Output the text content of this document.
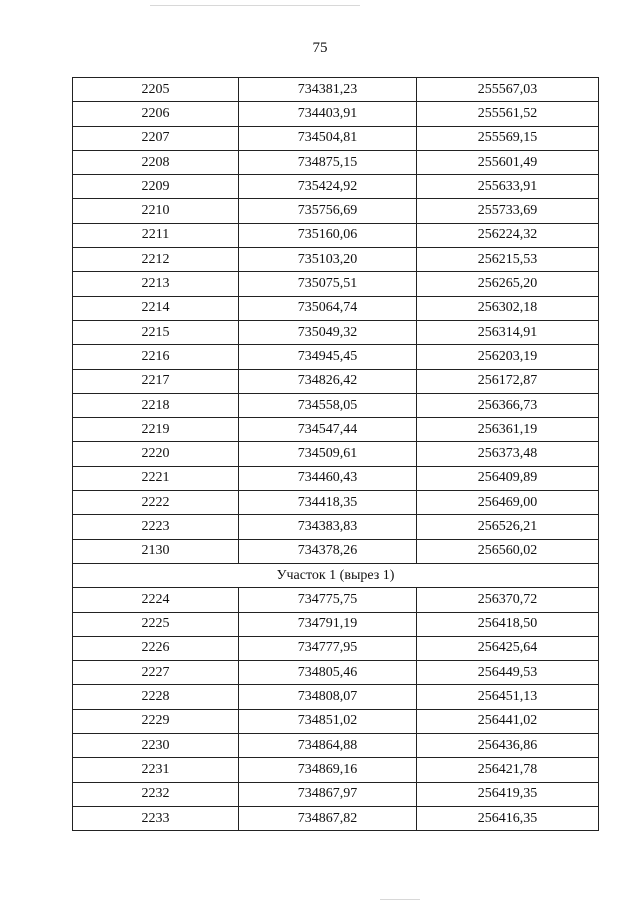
75
2205	734381,23	255567,03
2206	734403,91	255561,52
2207	734504,81	255569,15
2208	734875,15	255601,49
2209	735424,92	255633,91
2210	735756,69	255733,69
2211	735160,06	256224,32
2212	735103,20	256215,53
2213	735075,51	256265,20
2214	735064,74	256302,18
2215	735049,32	256314,91
2216	734945,45	256203,19
2217	734826,42	256172,87
2218	734558,05	256366,73
2219	734547,44	256361,19
2220	734509,61	256373,48
2221	734460,43	256409,89
2222	734418,35	256469,00
2223	734383,83	256526,21
2130	734378,26	256560,02
Участок 1 (вырез 1)		
2224	734775,75	256370,72
2225	734791,19	256418,50
2226	734777,95	256425,64
2227	734805,46	256449,53
2228	734808,07	256451,13
2229	734851,02	256441,02
2230	734864,88	256436,86
2231	734869,16	256421,78
2232	734867,97	256419,35
2233	734867,82	256416,35
